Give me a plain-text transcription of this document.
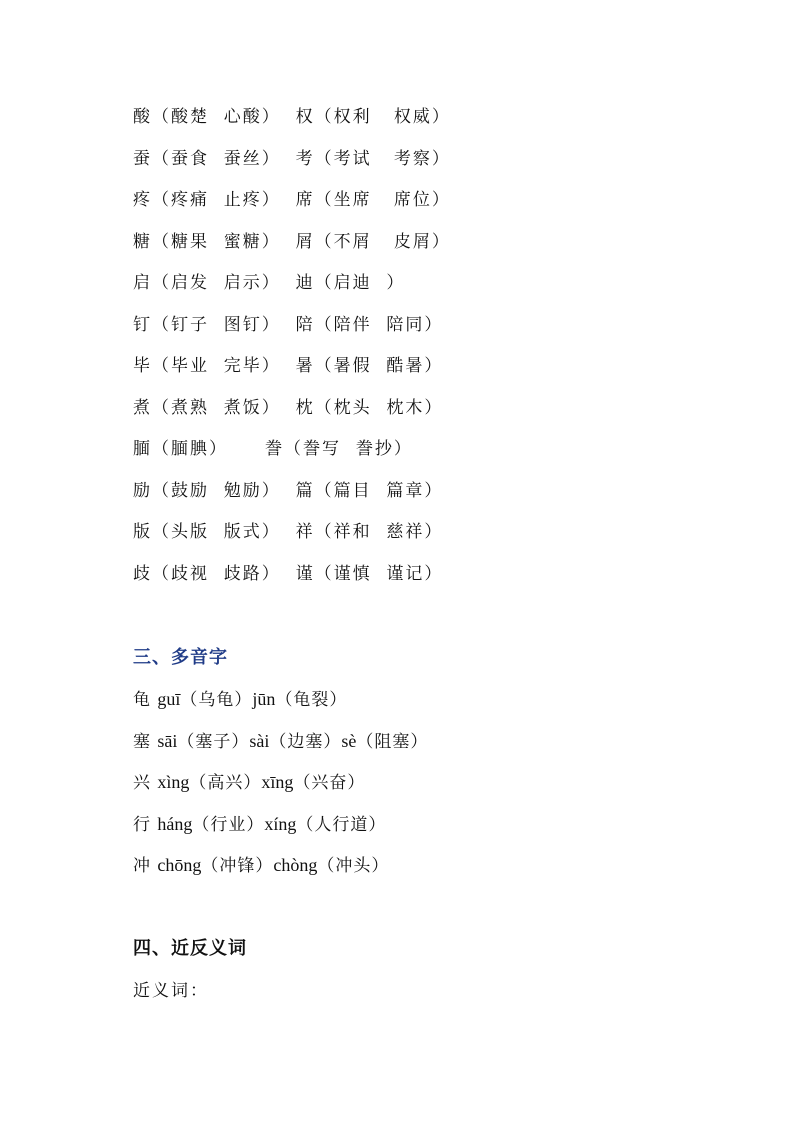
酸（酸楚  心酸）  权（权利   权威）
蚕（蚕食  蚕丝）  考（考试   考察）
疼（疼痛  止疼）  席（坐席   席位）
糖（糖果  蜜糖）  屑（不屑   皮屑）
启（启发  启示）  迪（启迪  ）
钉（钉子  图钉）  陪（陪伴  陪同）
毕（毕业  完毕）  暑（暑假  酷暑）
煮（煮熟  煮饭）  枕（枕头  枕木）
腼（腼腆）     誊（誊写  誊抄）
励（鼓励  勉励）  篇（篇目  篇章）
版（头版  版式）  祥（祥和  慈祥）
歧（歧视  歧路）  谨（谨慎  谨记）
三、多音字
龟 guī（乌龟）jūn（龟裂）
塞 sāi（塞子）sài（边塞）sè（阻塞）
兴 xìng（高兴）xīng（兴奋）
行 háng（行业）xíng（人行道）
冲 chōng（冲锋）chòng（冲头）
四、近反义词
近义词：
